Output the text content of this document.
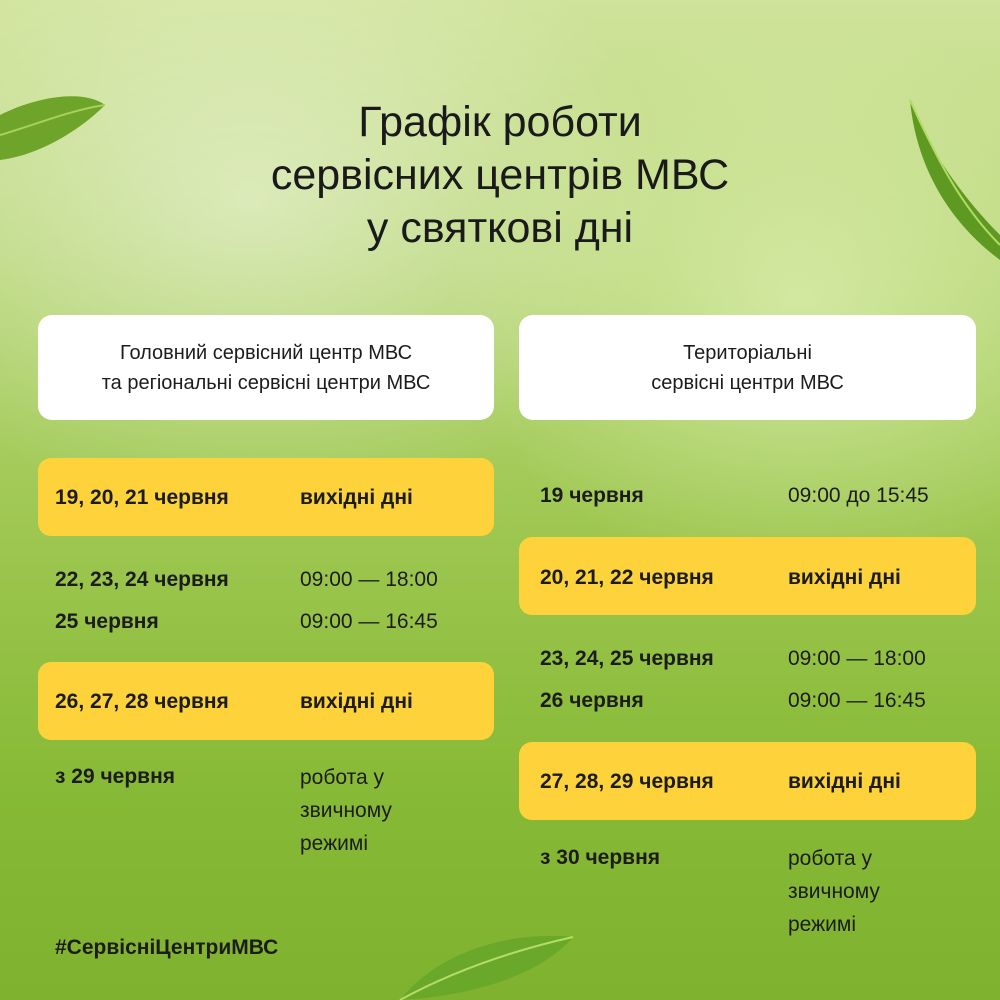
Графік роботи
сервісних центрів МВС
у святкові дні
Головний сервісний центр МВС
та регіональні сервісні центри МВС
Територіальні
сервісні центри МВС
19, 20, 21 червня	вихідні дні
22, 23, 24 червня	09:00 — 18:00
25 червня	09:00 — 16:45
26, 27, 28 червня	вихідні дні
з 29 червня	робота у
звичному
режимі
19 червня	09:00 до 15:45
20, 21, 22 червня	вихідні дні
23, 24, 25 червня	09:00 — 18:00
26 червня	09:00 — 16:45
27, 28, 29 червня	вихідні дні
з 30 червня	робота у
звичному
режимі
#СервісніЦентриМВС
